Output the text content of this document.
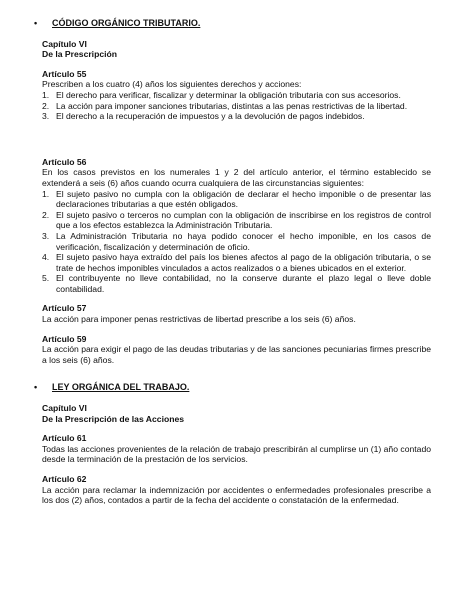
•	CÓDIGO ORGÁNICO TRIBUTARIO.
Capítulo VI
De la Prescripción
Artículo 55

Prescriben a los cuatro (4) años los siguientes derechos y acciones:

1. El derecho para verificar, fiscalizar y determinar la obligación tributaria con sus accesorios.
2. La acción para imponer sanciones tributarias, distintas a las penas restrictivas de la libertad.
3. El derecho a la recuperación de impuestos y a la devolución de pagos indebidos.
Artículo 56

En los casos previstos en los numerales 1 y 2 del artículo anterior, el término establecido se extenderá a seis (6) años cuando ocurra cualquiera de las circunstancias siguientes:

1. El sujeto pasivo no cumpla con la obligación de declarar el hecho imponible o de presentar las declaraciones tributarias a que estén obligados.
2. El sujeto pasivo o terceros no cumplan con la obligación de inscribirse en los registros de control que a los efectos establezca la Administración Tributaria.
3. La Administración Tributaria no haya podido conocer el hecho imponible, en los casos de verificación, fiscalización y determinación de oficio.
4. El sujeto pasivo haya extraído del país los bienes afectos al pago de la obligación tributaria, o se trate de hechos imponibles vinculados a actos realizados o a bienes ubicados en el exterior.
5. El contribuyente no lleve contabilidad, no la conserve durante el plazo legal o lleve doble contabilidad.
Artículo 57

La acción para imponer penas restrictivas de libertad prescribe a los seis (6) años.

Artículo 59

La acción para exigir el pago de las deudas tributarias y de las sanciones pecuniarias firmes prescribe a los seis (6) años.

•	LEY ORGÁNICA DEL TRABAJO.
Capítulo VI
De la Prescripción de las Acciones
Artículo 61

Todas las acciones provenientes de la relación de trabajo prescribirán al cumplirse un (1) año contado desde la terminación de la prestación de los servicios.

Artículo 62

La acción para reclamar la indemnización por accidentes o enfermedades profesionales prescribe a los dos (2) años, contados a partir de la fecha del accidente o constatación de la enfermedad.
